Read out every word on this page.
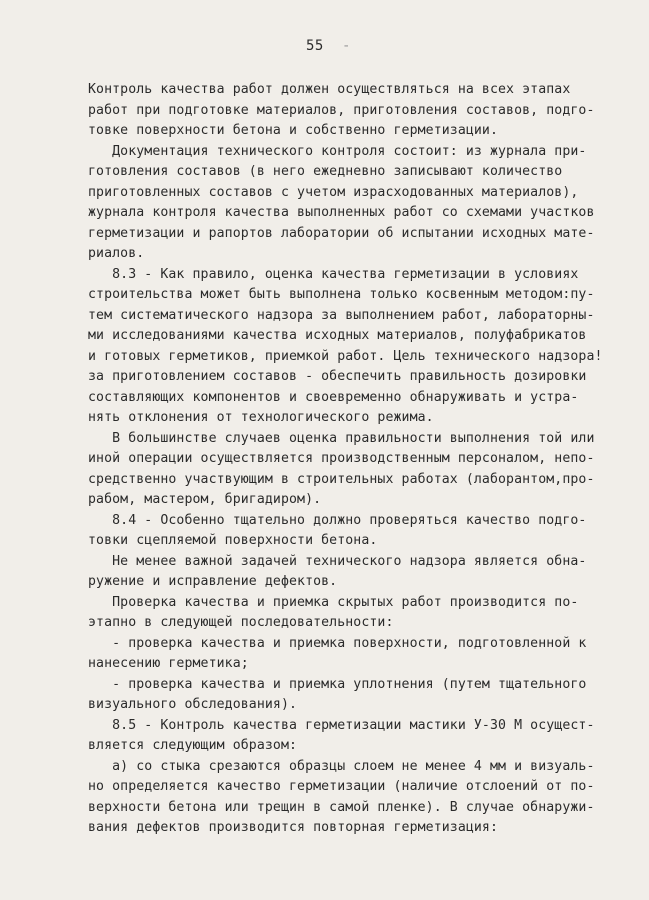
55 -
Контроль качества работ должен осуществляться на всех этапах
работ при подготовке материалов, приготовления составов, подго-
товке поверхности бетона и собственно герметизации.
Документация технического контроля состоит: из журнала при-
готовления составов (в него ежедневно записывают количество
приготовленных составов с учетом израсходованных материалов),
журнала контроля качества выполненных работ со схемами участков
герметизации и рапортов лаборатории об испытании исходных мате-
риалов.
8.3 - Как правило, оценка качества герметизации в условиях
строительства может быть выполнена только косвенным методом:пу-
тем систематического надзора за выполнением работ, лабораторны-
ми исследованиями качества исходных материалов, полуфабрикатов
и готовых герметиков, приемкой работ. Цель технического надзора!
за приготовлением составов - обеспечить правильность дозировки
составляющих компонентов и своевременно обнаруживать и устра-
нять отклонения от технологического режима.
В большинстве случаев оценка правильности выполнения той или
иной операции осуществляется производственным персоналом, непо-
средственно участвующим в строительных работах (лаборантом,про-
рабом, мастером, бригадиром).
8.4 - Особенно тщательно должно проверяться качество подго-
товки сцепляемой поверхности бетона.
Не менее важной задачей технического надзора является обна-
ружение и исправление дефектов.
Проверка качества и приемка скрытых работ производится по-
этапно в следующей последовательности:
- проверка качества и приемка поверхности, подготовленной к
нанесению герметика;
- проверка качества и приемка уплотнения (путем тщательного
визуального обследования).
8.5 - Контроль качества герметизации мастики У-30 М осущест-
вляется следующим образом:
а) со стыка срезаются образцы слоем не менее 4 мм и визуаль-
но определяется качество герметизации (наличие отслоений от по-
верхности бетона или трещин в самой пленке). В случае обнаружи-
вания дефектов производится повторная герметизация:
